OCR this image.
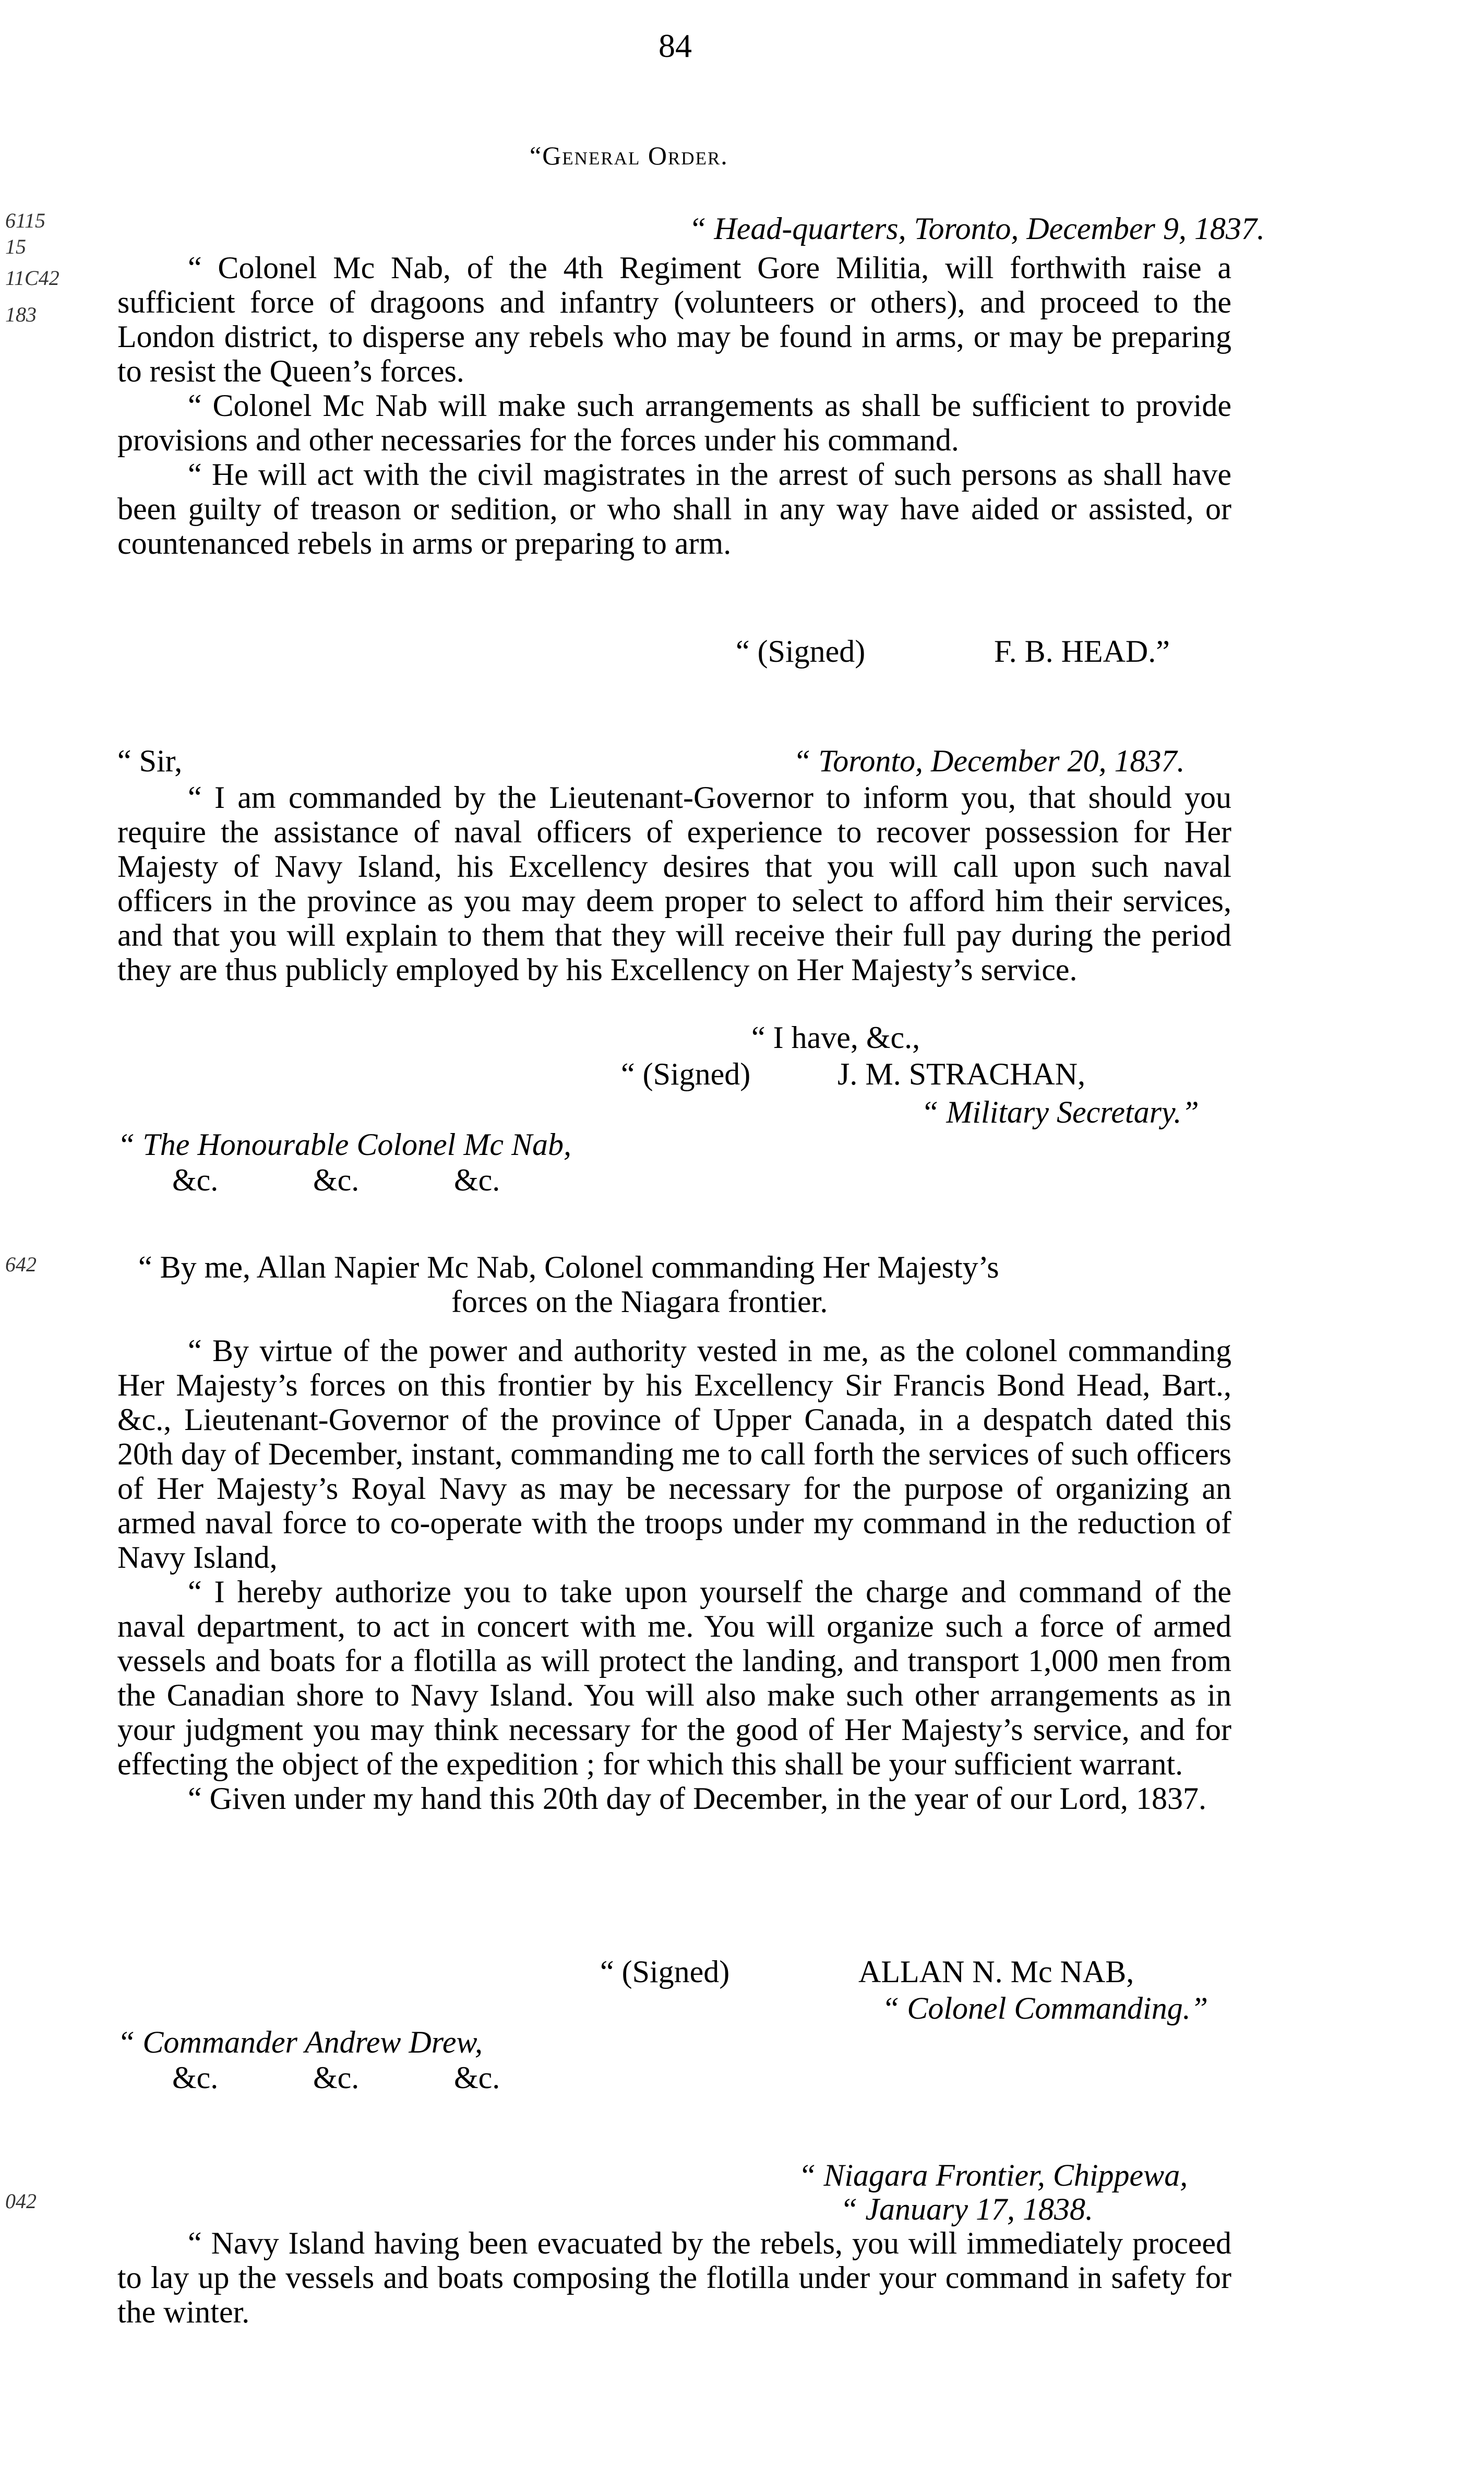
84
“General Order.
6115
15
11C42
183
“ Head-quarters, Toronto, December 9, 1837.

“ Colonel Mc Nab, of the 4th Regiment Gore Militia, will forthwith raise a sufficient force of dragoons and infantry (volunteers or others), and proceed to the London district, to disperse any rebels who may be found in arms, or may be preparing to resist the Queen’s forces.

“ Colonel Mc Nab will make such arrangements as shall be sufficient to provide provisions and other necessaries for the forces under his command.

“ He will act with the civil magistrates in the arrest of such persons as shall have been guilty of treason or sedition, or who shall in any way have aided or assisted, or countenanced rebels in arms or preparing to arm.

“ (Signed)	F. B. HEAD.”
“ Sir,	“ Toronto, December 20, 1837.

“ I am commanded by the Lieutenant-Governor to inform you, that should you require the assistance of naval officers of experience to recover possession for Her Majesty of Navy Island, his Excellency desires that you will call upon such naval officers in the province as you may deem proper to select to afford him their services, and that you will explain to them that they will receive their full pay during the period they are thus publicly employed by his Excellency on Her Majesty’s service.

“ I have, &c.,
“ (Signed)	J. M. STRACHAN,
“ Military Secretary.”
“ The Honourable Colonel Mc Nab,
&c.	&c.	&c.
642	“ By me, Allan Napier Mc Nab, Colonel commanding Her Majesty’s

forces on the Niagara frontier.

“ By virtue of the power and authority vested in me, as the colonel commanding Her Majesty’s forces on this frontier by his Excellency Sir Francis Bond Head, Bart., &c., Lieutenant-Governor of the province of Upper Canada, in a despatch dated this 20th day of December, instant, commanding me to call forth the services of such officers of Her Majesty’s Royal Navy as may be necessary for the purpose of organizing an armed naval force to co-operate with the troops under my command in the reduction of Navy Island,

“ I hereby authorize you to take upon yourself the charge and command of the naval department, to act in concert with me. You will organize such a force of armed vessels and boats for a flotilla as will protect the landing, and transport 1,000 men from the Canadian shore to Navy Island. You will also make such other arrangements as in your judgment you may think necessary for the good of Her Majesty’s service, and for effecting the object of the expedition ; for which this shall be your sufficient warrant.

“ Given under my hand this 20th day of December, in the year of our Lord, 1837.

“ (Signed)	ALLAN N. Mc NAB,
“ Colonel Commanding.”
“ Commander Andrew Drew,
&c.	&c.	&c.
042
“ Niagara Frontier, Chippewa,
“ January 17, 1838.

“ Navy Island having been evacuated by the rebels, you will immediately proceed to lay up the vessels and boats composing the flotilla under your command in safety for the winter.
